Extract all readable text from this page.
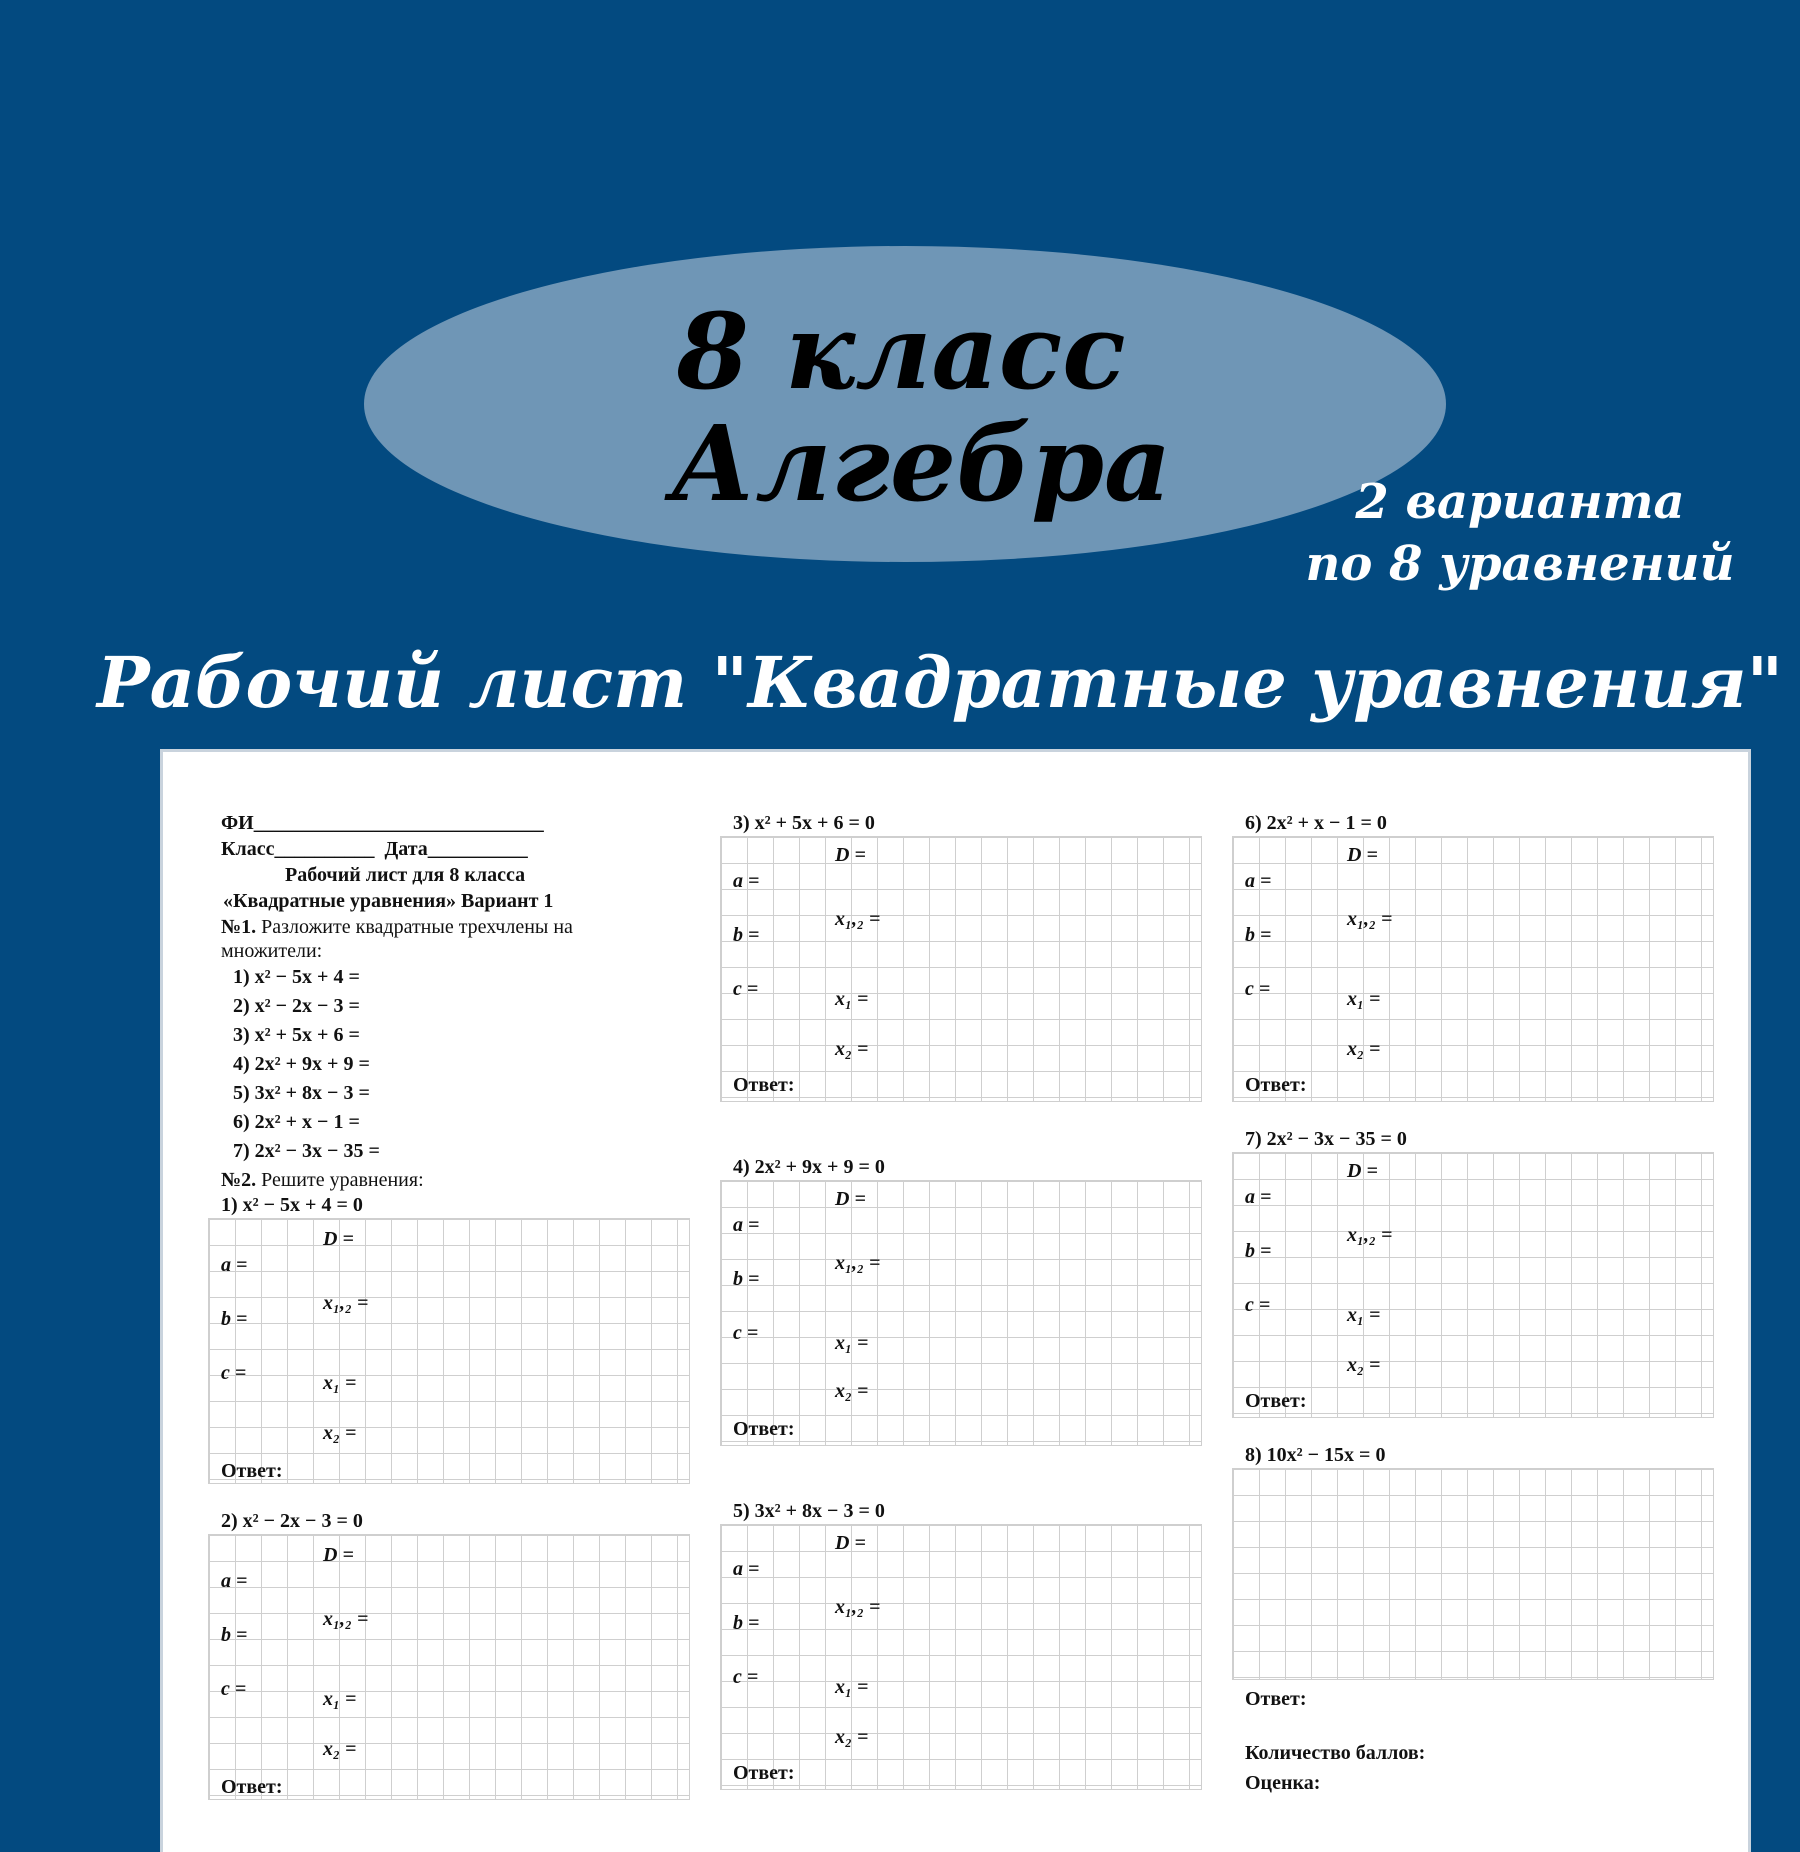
8 класс
Алгебра	2 варианта
по 8 уравнений
Рабочий лист "Квадратные уравнения"
ФИ_____________________________
Класс__________ Дата__________
Рабочий лист для 8 класса
«Квадратные уравнения» Вариант 1
№1. Разложите квадратные трехчлены на
множители:
1) x² − 5x + 4 =
2) x² − 2x − 3 =
3) x² + 5x + 6 =
4) 2x² + 9x + 9 =
5) 3x² + 8x − 3 =
6) 2x² + x − 1 =
7) 2x² − 3x − 35 =
№2. Решите уравнения:
1) x² − 5x + 4 = 0
D =
a =
x₁,₂ =
b =
c =	x₁ =
x₂ =
Ответ:
2) x² − 2x − 3 = 0
D =
a =
x₁,₂ =
b =
c =	x₁ =
x₂ =
Ответ:
3) x² + 5x + 6 = 0
D =
a =
x₁,₂ =
b =
c =	x₁ =
x₂ =
Ответ:
4) 2x² + 9x + 9 = 0
D =
a =
x₁,₂ =
b =
c =	x₁ =
x₂ =
Ответ:
5) 3x² + 8x − 3 = 0
D =
a =
x₁,₂ =
b =
c =	x₁ =
x₂ =
Ответ:
6) 2x² + x − 1 = 0
D =
a =
x₁,₂ =
b =
c =	x₁ =
x₂ =
Ответ:
7) 2x² − 3x − 35 = 0
D =
a =
x₁,₂ =
b =
c =	x₁ =
x₂ =
Ответ:
8) 10x² − 15x = 0
Ответ:
Количество баллов:
Оценка:
